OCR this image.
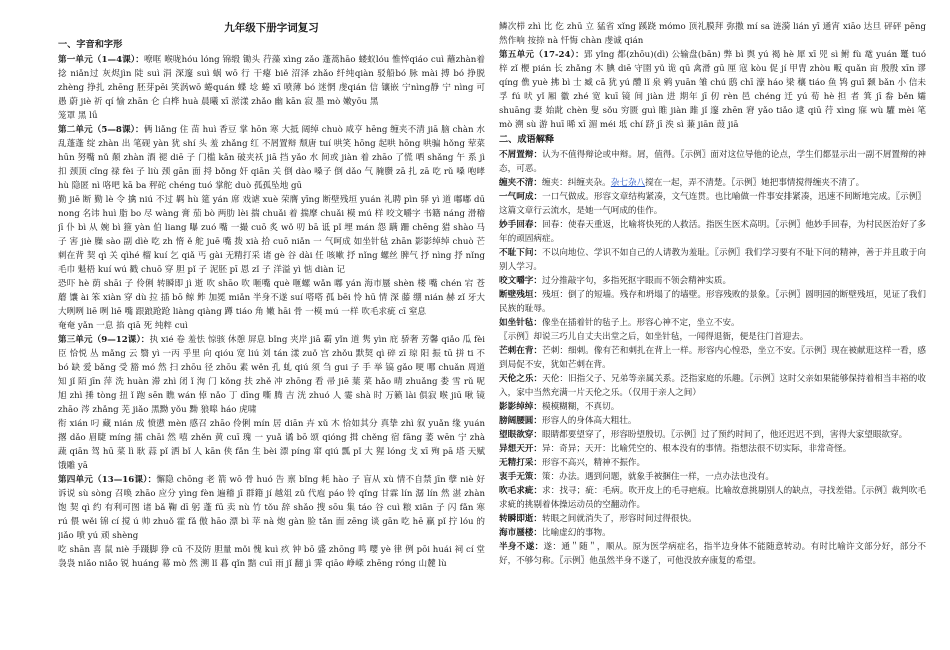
九年级下册字词复习
一、字音和字形

第一单元（1—4课）：嘹哐 喉咙hóu lóng 锦缎 锄头 荇藻 xìng zǎo 蓬蒿hāo 蝼蚁lóu 惟悴qiáo cuì 蘸zhàn着 捻 niǎn过 灰烬jìn 陡 suì 涓 深邃 suì 蜗 wō 行 干瘪 biě 沼泽 zhǎo 纤纯qiàn 驳船bó 脉 mài 搏 bó 挣脱 zhèng 挣扎 zhēng 胚芽pēi 笑涡wō 蜷quán 蝶 埝 蜷 xī 喷薄 bó 迷惘 虔qián 信 镶嵌 宁nìng静 宁 nìng 可 愚 蔚 jiè 祈 qí 愉 zhān 仑 白桦 huà 晨曦 xī 淤漾 zhǎo 幽 kān 寂 墨 mò 嫩yōu 黑

笼罩 黑 lǘ

第二单元（5—8课）：俩 liǎng 住 苗 huì 香豆 掌 hōn 寒 大抵 阔绰 chuò 咸亨 hēng 缠夹不清 jiā 脑 chàn 水 乱蓬蓬 绽 zhàn 出 笔砚 yàn 犹 shí 头 羞 zhǎng 红 不屑置辩 颓唐 tuí 哄笑 hōng 起哄 hōng 哄骗 hǒng 荤菜 hūn 努嘴 nǔ 颠 zhàn 酒 褪 diē 子 门槛 kǎn 破夹袄 jiā 挡 yǎo 水 间或 jiàn 着 zhāo 了慌 哂 shǎng 午 系 jì 扣 颈顶 cǐng 禄 fèi 子 liù 颈 gān 面 捋 bǒng 奸 qiān 关 倒 dào 嗓子 倒 dǎo 气 腌臜 zā 扎 zā 吃 rǔ 嗓 咆哮 hù 隐匿 nì 咯吧 kā ba 秤砣 chéng tuó 掌舵 duò 孤孤坠地 gū

勤 jiē 断 勤 lè 令 擒 niú 不过 羁 hù 筵 yán 席 戏谑 xuè 荣膺 yīng 断壁残垣 yuán 礼聘 pìn 驿 yì 道 嘟嘟 dū nong 名讳 huì 脂 bo 尽 wàng 膏 茄 bò 两肋 lèi 揣 chuǎi 着 揣摩 chuǎi 模 mú 样 咬文嚼字 书籍 náng 滑稽 jī 仆 bì 从 婉 bì 箍 yàn 伯 liang 曝 zuó 嘴 一撮 cuō 炙 wǒ 叨 bā 诋 pǐ 埋 mán 怨 蹒 跚 chēng 猎 shào 马 子 害 jiè 臊 sào 副 dìè 吃 zh 惰 ě 舵 juē 嘴 拨 xià 拾 cuō niǎn 一 气呵成 如坐针毡 zhān 影影绰绰 chuò 芒刺在背 契 qì 关 qìhé 榴 kuí 乞 qiǎ 丐 gài 无精打采 诸 gè 谷 dài 任 咳嗽 抒 nǐng 螺丝 脾气 抒 nìng 抒 nǐng 毛巾 魁梧 kuí wú 戳 chuō 穿 胆 pǐ 子 泥胚 pī 恩 zǐ 子 洋溢 yì 惦 diàn 记

恐吓 hè 荫 shāi 子 伶俐 转瞬即 jì 逝 吹 shāo 吹 咂嘴 què 咂螺 wǎn 嘟 yán 海市蜃 shèn 楼 嘴 chén 宕 苍 蘑 馕 ài 笨 xiàn 穿 dù 拉 插 bō 鲸 鲊 加冕 miǎn 半身不遂 suí 嗒嗒 孤 bēi 怜 hū 情 深 藤 绷 nián 赫 zǐ 牙大大咧咧 liē 咧 liē 嘴 跟踉跄跄 liàng qiàng 蹲 tiáo 角 嫩 hāi 骨 一模 mú 一样 吹毛求疵 cī 窒息

奄奄 yǎn 一息 掐 qiā 死 纯粹 cuì

第三单元（9—12课）：执 xié 卷 羞怯 惊骇 休憩 屏息 bǐng 夹岸 jiā 霸 yǐn 道 隽 yìn 庇 骄奢 芳馨 qiǎo 瓜 fèi 臣 恰悦 丛 mǎng 云 翳 yì 一丙 乎里 向 qióu 宽 liú 刘 tán 漾 zuǒ 宫 zhǒu 默契 qì 碎 zī 琼 阳 振 tū 拼 ti 不 bó 缺 爱 bǎng 受 豁 mó 然 扫 zhōu 径 zhōu 素 wěn 孔 虬 qiú 须 刍 gui 子 手 举 镐 gǎo 哽 哪 chuǎn 周道知 jǐ 陌 jīn 萍 洗 huàn 滞 zhì 闭 ǐ 洵 门 kǒng 扶 zhě 冲 zhōng 看 帚 jiē 葉 菜 hǎo 晴 zhuǎng 娄 雪 rǔ 呢 旭 zhì 捶 tòng 扭 ǐ 跑 sēn 瞧 wán 倬 nǎo 丁 dīng 嘶 腾 吉 洸 zhuó 人 霎 shà 时 万籁 lài 俱寂 喉 jiū 啾 镜 zhāo 涔 zhǎng 芜 jiǎo 黑黝 yǒu 黝 狼嗥 háo 虎啸

衔 xián 叼 藏 nián 成 愤懑 mèn 感召 zhāo 伶俐 mín 居 diān 卉 xǔ 木 恰如其分 真挚 zhì 叙 yuǎn 缘 yuán 撂 dǎo 眉睫 míng 擂 chāi 然 嘻 zhěn 黄 cuī 瑰 一 yuǎ 谲 bō 颂 qióng 揖 chěng 宿 fāng 萎 wēn 宁 zhà 蔬 qiān 驾 hū 菜 lì 耿 蒜 pǐ 洒 bǐ 人 kān 侠 fǎn 生 bèi 漂 píng 窜 qiú 瓢 pǐ 大 猩 lóng 戈 xī 殉 pā 塔 天赋 饿雕 yā

第四单元（13—16课）：懈隐 chōng 老 箭 wō 骨 huó 告 禀 bǐng 耗 hào 子 盲从 xù 情不自禁 jīn 孽 niè 好 诉说 sù sòng 召唤 zhāo 应分 yìng fèn 遍稽 jī 群籍 jí 越俎 zǔ 代庖 páo 铃 qǐng 甘霖 lín 潺 lín 然 湛 zhàn 饱 契 qì 约 有利可图 诸 bǎ 鞠 dī 躬 蓬 fū 卖 nù 竹 tǒu 辞 shǎo 搜 sōu 集 táo 谷 cuì 粮 xiān 子 闪 fǎn 寒 rú 偎 wěi 锦 cí 搅 ú 帅 zhuǒ 霍 fǎ 傲 hāo 漂 bì 苹 nà 炮 gàn 脸 tǎn 面 zēng 谈 gān 吃 hē 赢 pǐ 拧 lóu 的 jiǎo 喷 yú 顽 shèng

吃 shān 喜 鼠 niè 手蹑脚 狰 cū 不及防 胆量 mǒi 愧 kuì 疚 钟 bō 盛 zhōng 鸣 嘤 yè 律 例 pōi huái 祠 cí 堂 袅袅 niǎo niǎo 锐 huáng 幕 mò 然 溯 lǐ 暮 qǐn 黯 cuī 雨 jǐ 翻 jì 霁 qiāo 峥嵘 zhēng róng 山麓 lù

鳞次栉 zhì 比 仡 zhū 立 猛省 xǐng 蹊跷 mómo 顶礼膜拜 弥撒 mí sa 涟漪 lián yī 通宵 xiāo 达旦 砰砰 pēng 然作响 按捺 nà 忏悔 chàn 虔诚 qián

第五单元（17-24）：郢 yǐng 都(zhōu)(dì) 公输盘(bān) 弊 bì 舆 yú 褐 hè 犀 xī 兕 sì 鲋 fù 鼋 yuán 鼍 tuó 梓 zǐ 楩 pián 长 zhǎng 木 腆 diē 守圉 yǔ 诡 qū 禽滑 gū 厘 寇 kòu 促 jí 甲胄 zhòu 畈 quǎn 亩 殷殷 xīn 谬 qíng 僬 yuè 拂 bì 士 臧 cā 犹 yú 醴 lǐ 泉 鹓 yuān 雏 chú 鸱 chī 濠 háo 梁 穰 tiáo 鱼 鸨 guī 颡 bǎn 小 信未孚 fú 吠 yǐ 厢 徽 zhé 宽 kuī 镜 间 jiàn 进 期年 jī 仞 rèn 邑 chéng 迁 yú 荀 hè 担 者 箕 jī 畚 běn 孀 shuāng 妻 始龀 chèn 叟 sǒu 穷匮 guì 睢 jiàn 雎 jǐ 邃 zhēn 窘 yǎo tiǎo 逮 qiū 荇 xìng 寐 wù 驩 mèi 笔 mò 溯 sù 游 huī 晞 xī 湄 méi 坻 chí 跻 jī 涘 sì 蒹 jiān 葭 jiā

二、成语解释

不屑置辩：认为不值得辩论或申辩。屑，值得。〖示例〗面对这位导他的论点，学生们都显示出一副不屑置辩的神态，可恶。

缠夹不清：缠夹：纠缠夹杂。杂七杂八搅在一起，弄不清楚。〖示例〗她把事情搅得缠夹不清了。

一气呵成：一口气做成。形容文章结构紧凑，文气连贯。也比喻做一件事安排紧凑，迅速不间断地完成。〖示例〗这篇文章行云流水，是她一气呵成的佳作。

妙手回春：回春：使春天重返，比喻将快死的人救活。指医生医术高明。〖示例〗他妙手回春，为村民医治好了多年的顽固病症。

不耻下问：不以向地位、学识不如自己的人请教为羞耻。〖示例〗我们学习要有不耻下问的精神，善于并且敢于向别人学习。

咬文嚼字：过分推敲字句，多指死抠字眼而不领会精神实质。

断壁残垣：残垣：倒了的短墙。残存和坍塌了的墙壁。形容残败的景象。〖示例〗圆明园的断壁残垣，见证了我们民族的耻辱。

如坐针毡：像坐在插着针的毡子上。形容心神不定，坐立不安。

〖示例〗却说三巧儿自丈夫出堂之后，如坐针毡，一闻得退衙，便是往门首迎去。

芒刺在背：芒刺：细刺。像有芒和刺扎在背上一样。形容内心惶恐，坐立不安。〖示例〗现在被献逛这样一看，感到局促不安，犹如芒刺在背。

天伦之乐：天伦：旧指父子、兄弟等亲属关系。泛指家庭的乐趣。〖示例〗这时父亲如果能够保持着相当丰裕的收入，家中当然充满一片天伦之乐。（仅用于亲人之间）

影影绰绰：模模糊糊，不真切。

膀阔腰圆：形容人的身体高大粗壮。

望眼欲穿：眼睛都要望穿了，形容盼望殷切。〖示例〗过了预约时间了，他还迟迟不到，害得大家望眼欲穿。

异想天开：异：奇异；天开：比喻凭空的、根本没有的事情。指想法很不切实际，非常奇怪。

无精打采：形容不高兴，精神不振作。

衷手无策：策：办法。遇到问题，就象手被捆住一样，一点办法也没有。

吹毛求疵：求：找寻；疵：毛病。吹开皮上的毛寻疤痕。比喻故意挑剔别人的缺点，寻找差错。〖示例〗裁判吹毛求疵的挑剔着体操运动员的空翻动作。

转瞬即逝：转眼之间就消失了，形容时间过得很快。

海市蜃楼：比喻虚幻的事物。

半身不遂：遂：通＂随＂，顺从。原为医学病症名，指半边身体不能随意转动。有时比喻许文部分好，部分不好，不够匀称。〖示例〗他虽然半身不遂了，可他没放弃康复的希望。
